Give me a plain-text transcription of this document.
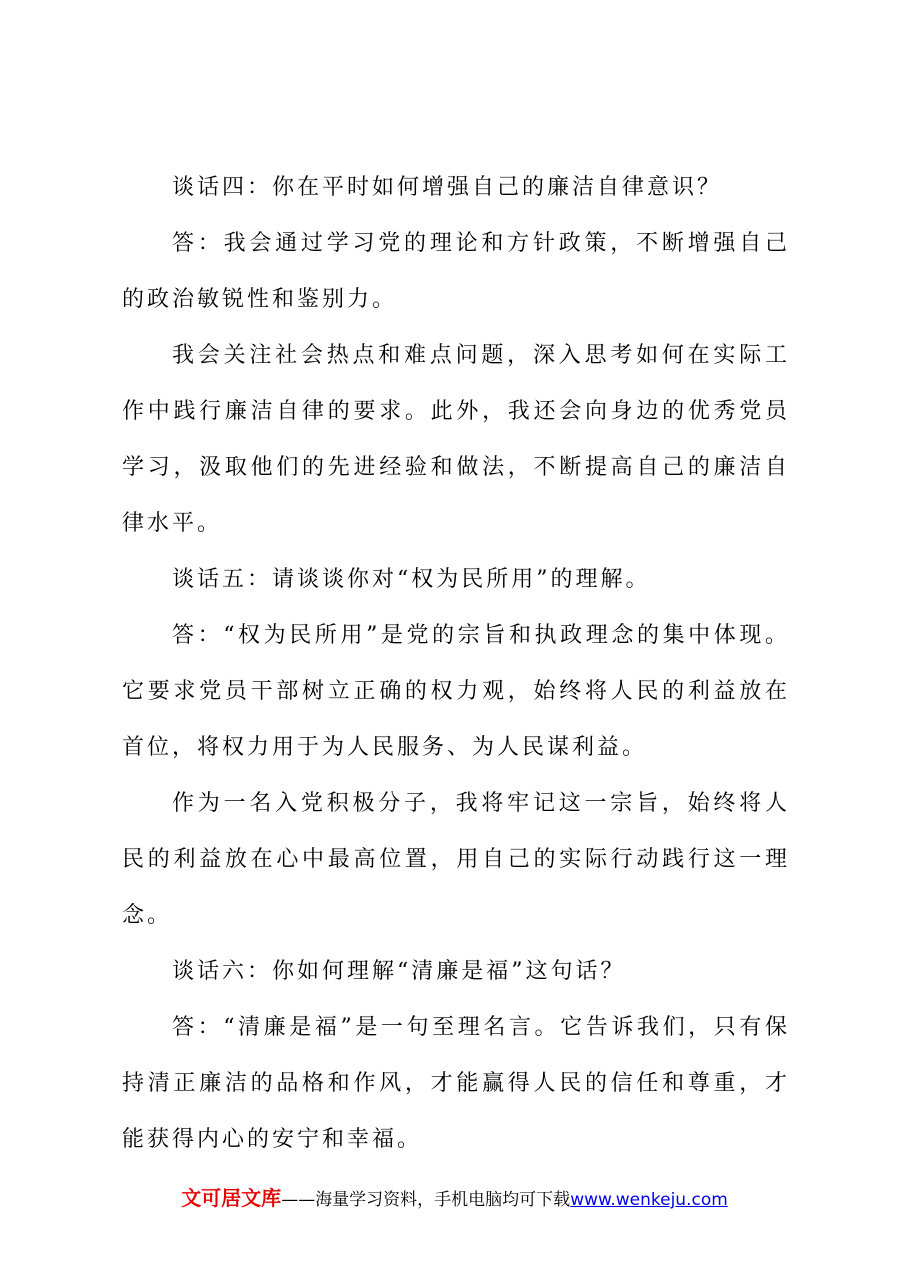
谈话四：你在平时如何增强自己的廉洁自律意识？

答：我会通过学习党的理论和方针政策，不断增强自己的政治敏锐性和鉴别力。

我会关注社会热点和难点问题，深入思考如何在实际工作中践行廉洁自律的要求。此外，我还会向身边的优秀党员学习，汲取他们的先进经验和做法，不断提高自己的廉洁自律水平。

谈话五：请谈谈你对“权为民所用”的理解。

答：“权为民所用”是党的宗旨和执政理念的集中体现。它要求党员干部树立正确的权力观，始终将人民的利益放在首位，将权力用于为人民服务、为人民谋利益。

作为一名入党积极分子，我将牢记这一宗旨，始终将人民的利益放在心中最高位置，用自己的实际行动践行这一理念。

谈话六：你如何理解“清廉是福”这句话？

答：“清廉是福”是一句至理名言。它告诉我们，只有保持清正廉洁的品格和作风，才能赢得人民的信任和尊重，才能获得内心的安宁和幸福。

文可居文库——海量学习资料，手机电脑均可下载www.wenkeju.com
